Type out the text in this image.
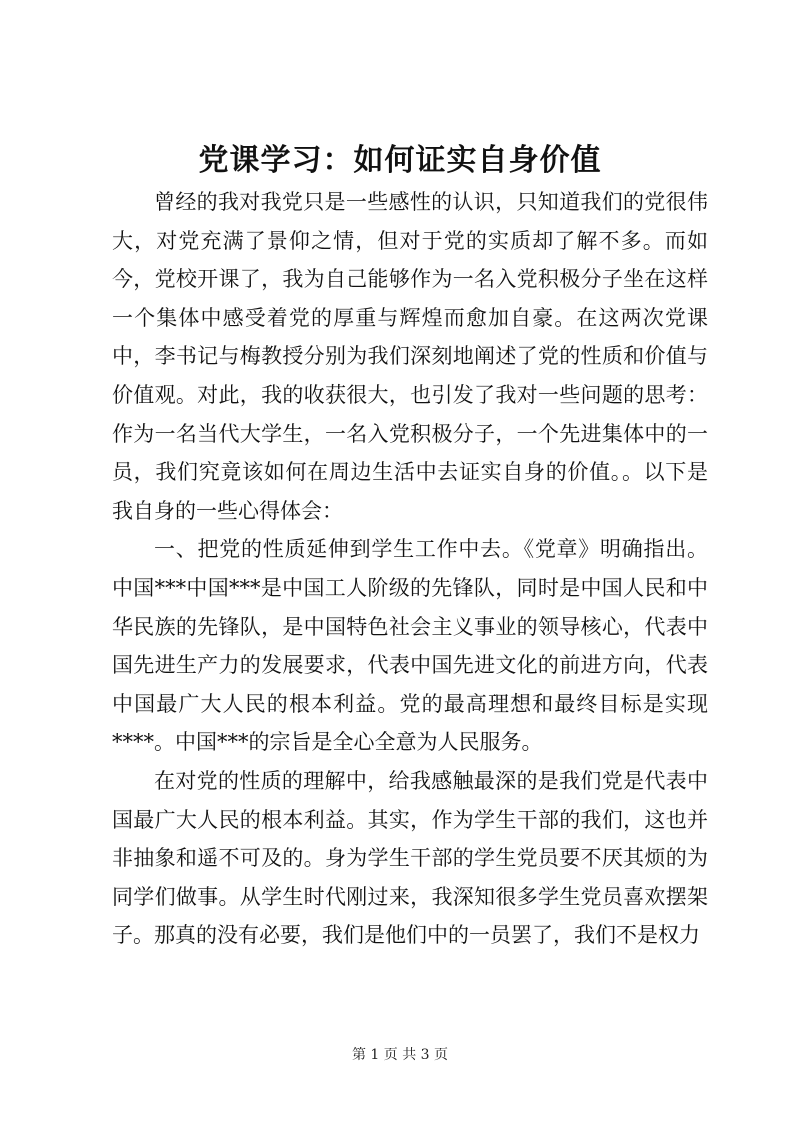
党课学习：如何证实自身价值

曾经的我对我党只是一些感性的认识，只知道我们的党很伟大，对党充满了景仰之情，但对于党的实质却了解不多。而如今，党校开课了，我为自己能够作为一名入党积极分子坐在这样一个集体中感受着党的厚重与辉煌而愈加自豪。在这两次党课中，李书记与梅教授分别为我们深刻地阐述了党的性质和价值与价值观。对此，我的收获很大，也引发了我对一些问题的思考：作为一名当代大学生，一名入党积极分子，一个先进集体中的一员，我们究竟该如何在周边生活中去证实自身的价值。。以下是我自身的一些心得体会：

一、把党的性质延伸到学生工作中去。《党章》明确指出。中国***中国***是中国工人阶级的先锋队，同时是中国人民和中华民族的先锋队，是中国特色社会主义事业的领导核心，代表中国先进生产力的发展要求，代表中国先进文化的前进方向，代表中国最广大人民的根本利益。党的最高理想和最终目标是实现****。中国***的宗旨是全心全意为人民服务。

在对党的性质的理解中，给我感触最深的是我们党是代表中国最广大人民的根本利益。其实，作为学生干部的我们，这也并非抽象和遥不可及的。身为学生干部的学生党员要不厌其烦的为同学们做事。从学生时代刚过来，我深知很多学生党员喜欢摆架子。那真的没有必要，我们是他们中的一员罢了，我们不是权力

第 1 页 共 3 页
